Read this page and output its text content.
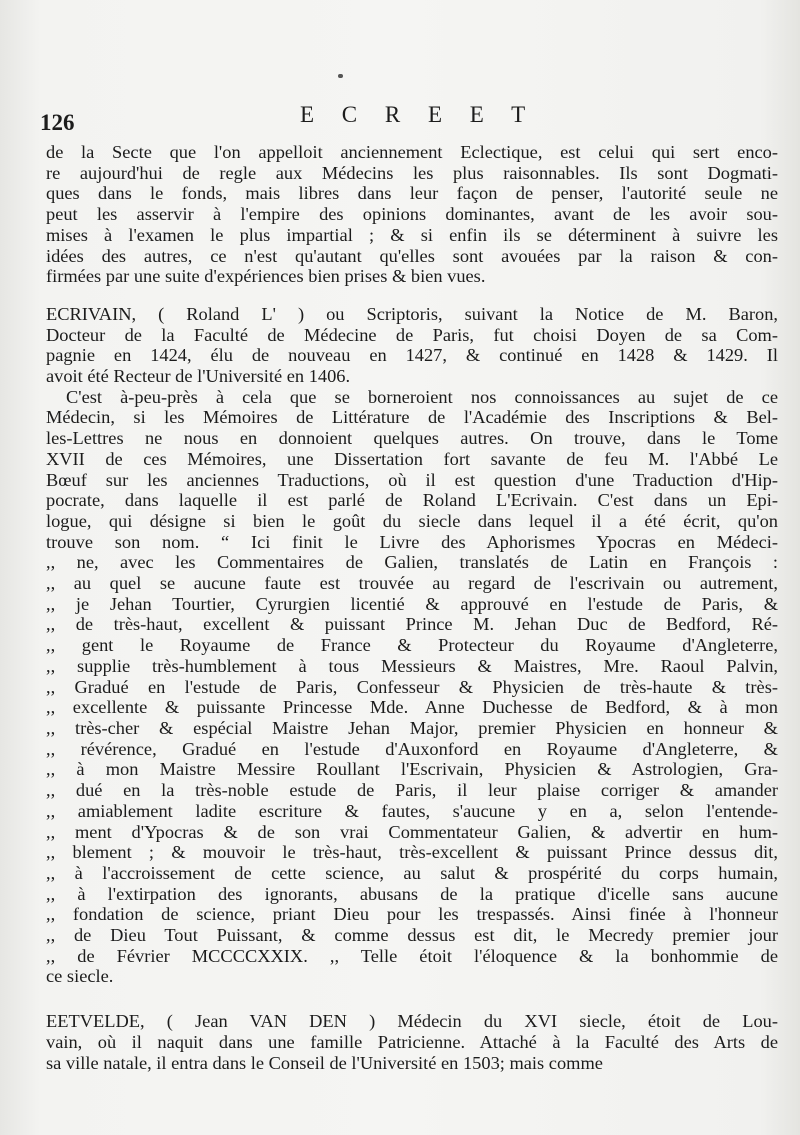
126	E C R E E T

de la Secte que l'on appelloit anciennement Eclectique, est celui qui sert enco-
re aujourd'hui de regle aux Médecins les plus raisonnables. Ils sont Dogmati-
ques dans le fonds, mais libres dans leur façon de penser, l'autorité seule ne
peut les asservir à l'empire des opinions dominantes, avant de les avoir sou-
mises à l'examen le plus impartial ; & si enfin ils se déterminent à suivre les
idées des autres, ce n'est qu'autant qu'elles sont avouées par la raison & con-
firmées par une suite d'expériences bien prises & bien vues.

ECRIVAIN, ( Roland L' ) ou Scriptoris, suivant la Notice de M. Baron,
Docteur de la Faculté de Médecine de Paris, fut choisi Doyen de sa Com-
pagnie en 1424, élu de nouveau en 1427, & continué en 1428 & 1429. Il
avoit été Recteur de l'Université en 1406.

C'est à-peu-près à cela que se borneroient nos connoissances au sujet de ce
Médecin, si les Mémoires de Littérature de l'Académie des Inscriptions & Bel-
les-Lettres ne nous en donnoient quelques autres. On trouve, dans le Tome
XVII de ces Mémoires, une Dissertation fort savante de feu M. l'Abbé Le
Bœuf sur les anciennes Traductions, où il est question d'une Traduction d'Hip-
pocrate, dans laquelle il est parlé de Roland L'Ecrivain. C'est dans un Epi-
logue, qui désigne si bien le goût du siecle dans lequel il a été écrit, qu'on
trouve son nom. “ Ici finit le Livre des Aphorismes Ypocras en Médeci-
,, ne, avec les Commentaires de Galien, translatés de Latin en François :
,, au quel se aucune faute est trouvée au regard de l'escrivain ou autrement,
,, je Jehan Tourtier, Cyrurgien licentié & approuvé en l'estude de Paris, &
,, de très-haut, excellent & puissant Prince M. Jehan Duc de Bedford, Ré-
,, gent le Royaume de France & Protecteur du Royaume d'Angleterre,
,, supplie très-humblement à tous Messieurs & Maistres, Mre. Raoul Palvin,
,, Gradué en l'estude de Paris, Confesseur & Physicien de très-haute & très-
,, excellente & puissante Princesse Mde. Anne Duchesse de Bedford, & à mon
,, très-cher & espécial Maistre Jehan Major, premier Physicien en honneur &
,, révérence, Gradué en l'estude d'Auxonford en Royaume d'Angleterre, &
,, à mon Maistre Messire Roullant l'Escrivain, Physicien & Astrologien, Gra-
,, dué en la très-noble estude de Paris, il leur plaise corriger & amander
,, amiablement ladite escriture & fautes, s'aucune y en a, selon l'entende-
,, ment d'Ypocras & de son vrai Commentateur Galien, & advertir en hum-
,, blement ; & mouvoir le très-haut, très-excellent & puissant Prince dessus dit,
,, à l'accroissement de cette science, au salut & prospérité du corps humain,
,, à l'extirpation des ignorants, abusans de la pratique d'icelle sans aucune
,, fondation de science, priant Dieu pour les trespassés. Ainsi finée à l'honneur
,, de Dieu Tout Puissant, & comme dessus est dit, le Mecredy premier jour
,, de Février MCCCCXXIX. ,, Telle étoit l'éloquence & la bonhommie de
ce siecle.

EETVELDE, ( Jean VAN DEN ) Médecin du XVI siecle, étoit de Lou-
vain, où il naquit dans une famille Patricienne. Attaché à la Faculté des Arts de
sa ville natale, il entra dans le Conseil de l'Université en 1503; mais comme
